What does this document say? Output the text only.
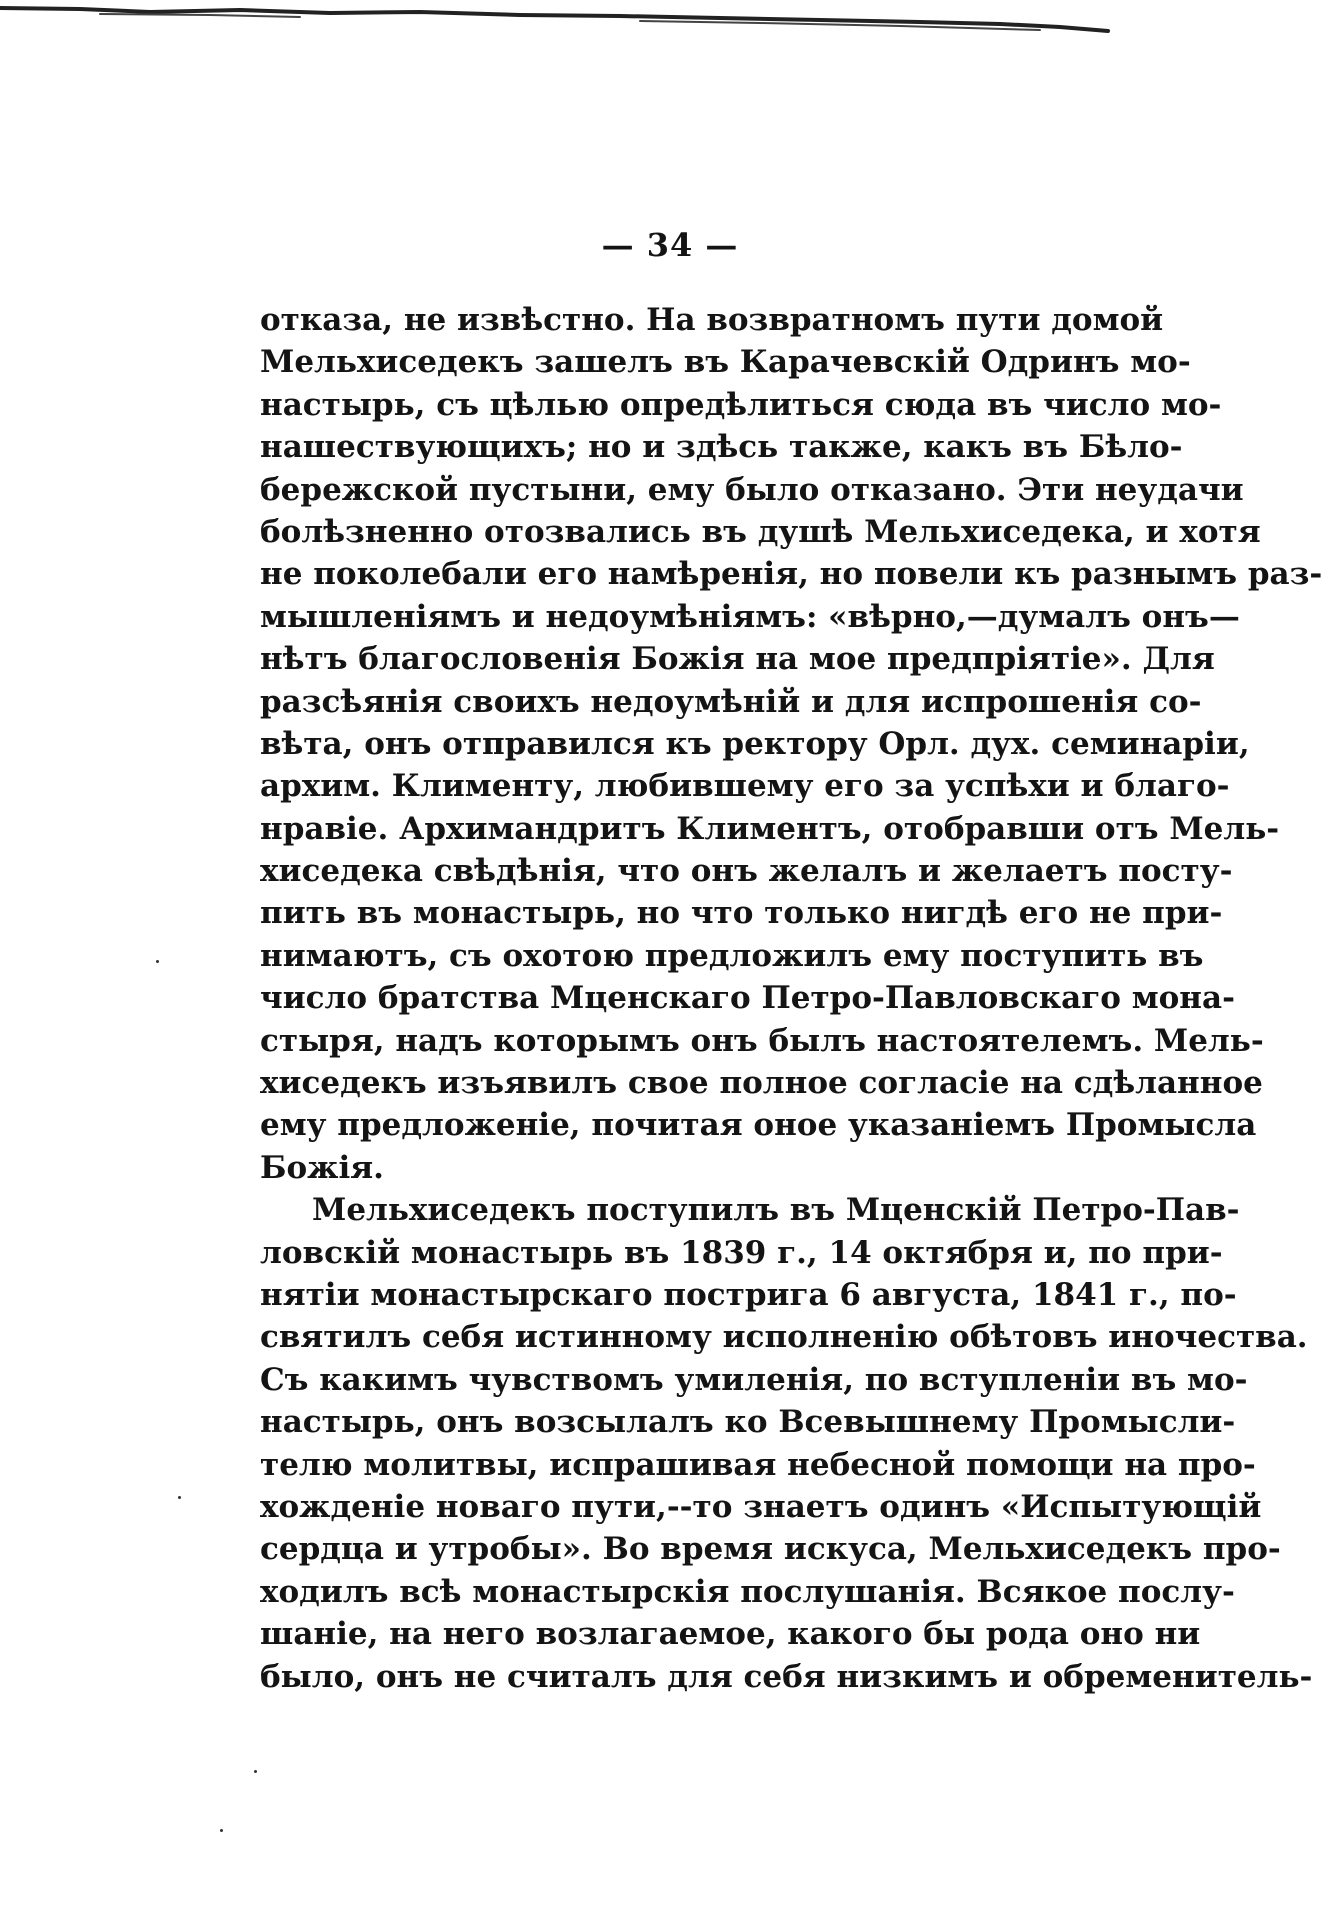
— 34 —
отказа, не извѣстно. На возвратномъ пути домой
Мельхиседекъ зашелъ въ Карачевскій Одринъ мо-
настырь, съ цѣлью опредѣлиться сюда въ число мо-
нашествующихъ; но и здѣсь также, какъ въ Бѣло-
бережской пустыни, ему было отказано. Эти неудачи
болѣзненно отозвались въ душѣ Мельхиседека, и хотя
не поколебали его намѣренія, но повели къ разнымъ раз-
мышленіямъ и недоумѣніямъ: «вѣрно,—думалъ онъ—
нѣтъ благословенія Божія на мое предпріятіе». Для
разсѣянія своихъ недоумѣній и для испрошенія со-
вѣта, онъ отправился къ ректору Орл. дух. семинаріи,
архим. Клименту, любившему его за успѣхи и благо-
нравіе. Архимандритъ Климентъ, отобравши отъ Мель-
хиседека свѣдѣнія, что онъ желалъ и желаетъ посту-
пить въ монастырь, но что только нигдѣ его не при-
нимаютъ, съ охотою предложилъ ему поступить въ
число братства Мценскаго Петро-Павловскаго мона-
стыря, надъ которымъ онъ былъ настоятелемъ. Мель-
хиседекъ изъявилъ свое полное согласіе на сдѣланное
ему предложеніе, почитая оное указаніемъ Промысла
Божія.
Мельхиседекъ поступилъ въ Мценскій Петро-Пав-
ловскій монастырь въ 1839 г., 14 октября и, по при-
нятіи монастырскаго пострига 6 августа, 1841 г., по-
святилъ себя истинному исполненію обѣтовъ иночества.
Съ какимъ чувствомъ умиленія, по вступленіи въ мо-
настырь, онъ возсылалъ ко Всевышнему Промысли-
телю молитвы, испрашивая небесной помощи на про-
хожденіе новаго пути,--то знаетъ одинъ «Испытующій
сердца и утробы». Во время искуса, Мельхиседекъ про-
ходилъ всѣ монастырскія послушанія. Всякое послу-
шаніе, на него возлагаемое, какого бы рода оно ни
было, онъ не считалъ для себя низкимъ и обременитель-
